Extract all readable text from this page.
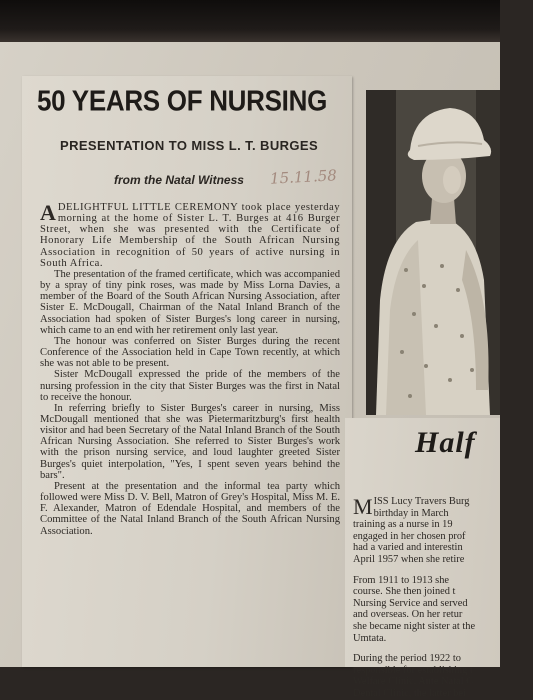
50 YEARS OF NURSING
PRESENTATION TO MISS L. T. BURGES
from the Natal Witness 15.11.58

ADELIGHTFUL LITTLE CEREMONY took place yesterday morning at the home of Sister L. T. Burges at 416 Burger Street, when she was presented with the Certificate of Honorary Life Membership of the South African Nursing Association in recognition of 50 years of active nursing in South Africa.

The presentation of the framed certificate, which was accompanied by a spray of tiny pink roses, was made by Miss Lorna Davies, a member of the Board of the South African Nursing Association, after Sister E. McDougall, Chairman of the Natal Inland Branch of the Association had spoken of Sister Burges's long career in nursing, which came to an end with her retirement only last year.

The honour was conferred on Sister Burges during the recent Conference of the Association held in Cape Town recently, at which she was not able to be present.

Sister McDougall expressed the pride of the members of the nursing profession in the city that Sister Burges was the first in Natal to receive the honour.

In referring briefly to Sister Burges's career in nursing, Miss McDougall mentioned that she was Pietermaritzburg's first health visitor and had been Secretary of the Natal Inland Branch of the South African Nursing Association. She referred to Sister Burges's work with the prison nursing service, and loud laughter greeted Sister Burges's quiet interpolation, "Yes, I spent seven years behind the bars".

Present at the presentation and the informal tea party which followed were Miss D. V. Bell, Matron of Grey's Hospital, Miss M. E. F. Alexander, Matron of Edendale Hospital, and members of the Committee of the Natal Inland Branch of the South African Nursing Association.

Half
M ISS Lucy Travers Burg

birthday in March

training as a nurse in 19

engaged in her chosen prof

had a varied and interestin

April 1957 when she retire

From 1911 to 1913 she

course. She then joined t

Nursing Service and served

and overseas. On her retur

she became night sister at the

Umtata.

During the period 1922 to

responsible for establishing t

Welfare Clinic, Ante Natal C

Dental Clinic, the latter bei
